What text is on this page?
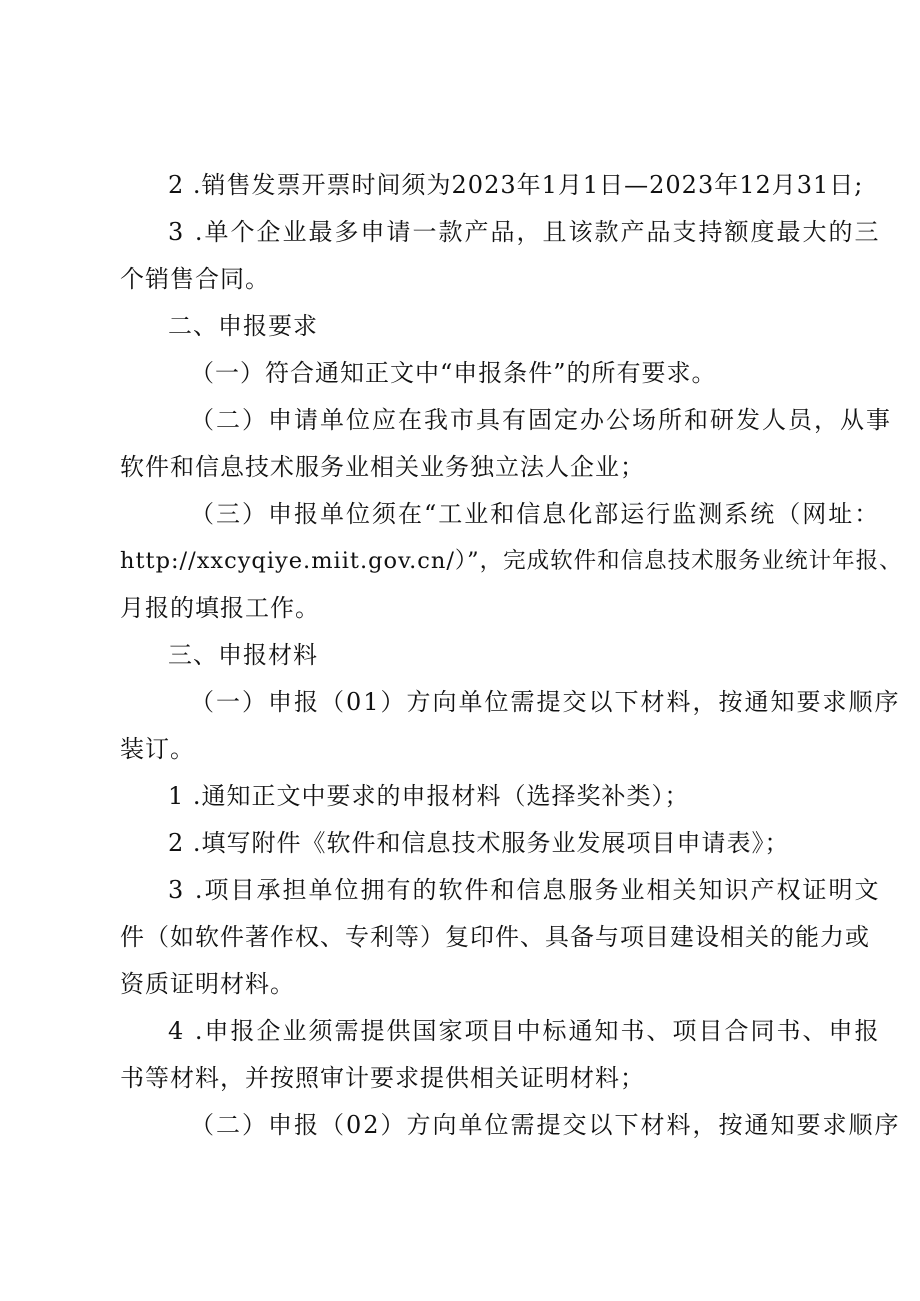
2 .销售发票开票时间须为2023年1月1日—2023年12月31日;
3 .单个企业最多申请一款产品，且该款产品支持额度最大的三
个销售合同。
二、申报要求
（一）符合通知正文中“申报条件”的所有要求。
（二）申请单位应在我市具有固定办公场所和研发人员，从事
软件和信息技术服务业相关业务独立法人企业；
（三）申报单位须在“工业和信息化部运行监测系统（网址：
http://xxcyqiye.miit.gov.cn/）”，完成软件和信息技术服务业统计年报、
月报的填报工作。
三、申报材料
（一）申报（01）方向单位需提交以下材料，按通知要求顺序
装订。
1 .通知正文中要求的申报材料（选择奖补类）；
2 .填写附件《软件和信息技术服务业发展项目申请表》；
3 .项目承担单位拥有的软件和信息服务业相关知识产权证明文
件（如软件著作权、专利等）复印件、具备与项目建设相关的能力或
资质证明材料。
4 .申报企业须需提供国家项目中标通知书、项目合同书、申报
书等材料，并按照审计要求提供相关证明材料；
（二）申报（02）方向单位需提交以下材料，按通知要求顺序
